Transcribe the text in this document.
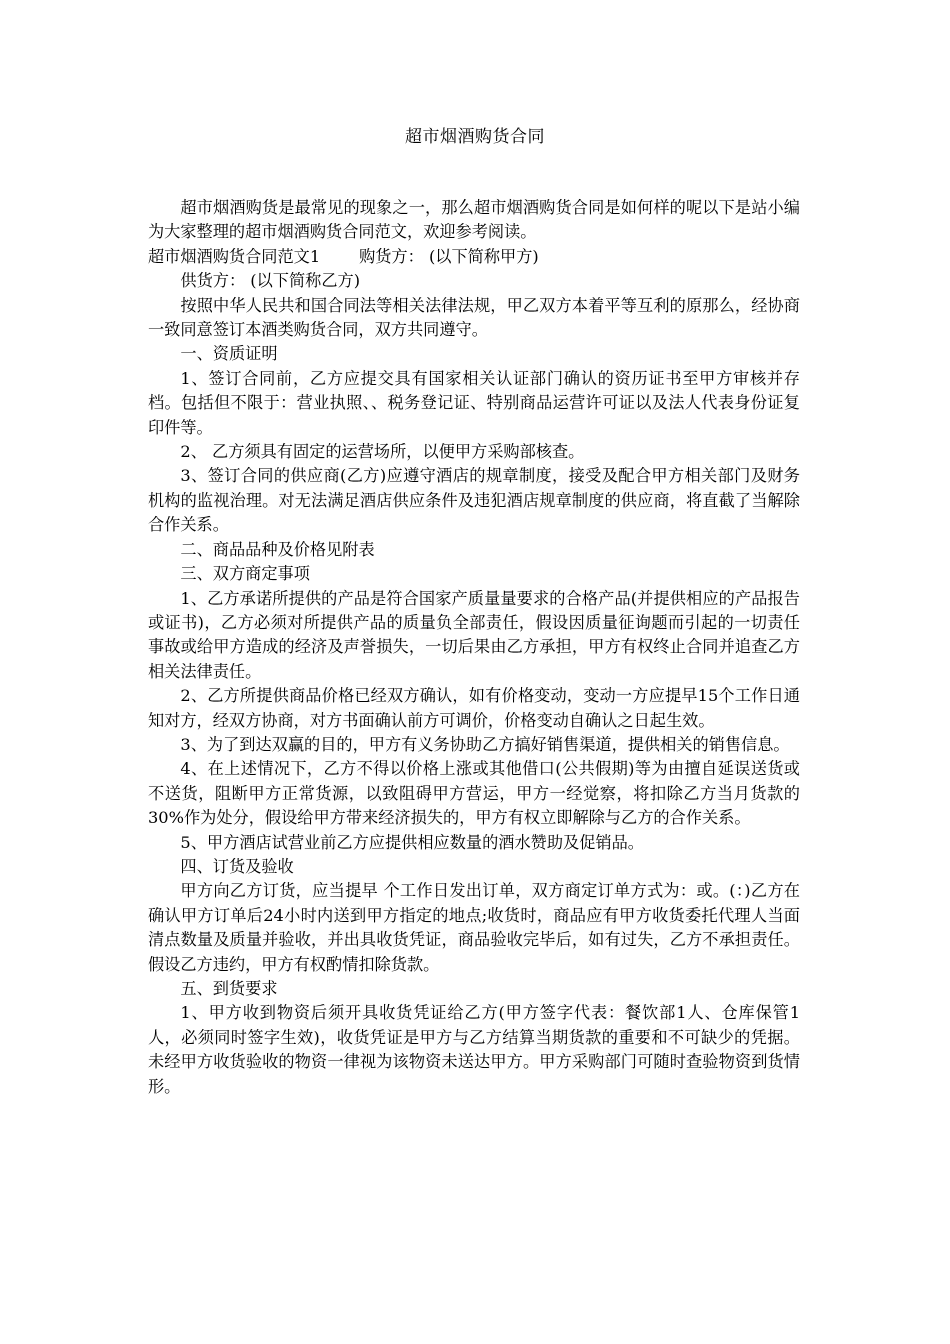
超市烟酒购货合同

超市烟酒购货是最常见的现象之一，那么超市烟酒购货合同是如何样的呢以下是站小编为大家整理的超市烟酒购货合同范文，欢迎参考阅读。

超市烟酒购货合同范文1 购货方： (以下简称甲方)

供货方： (以下简称乙方)

按照中华人民共和国合同法等相关法律法规，甲乙双方本着平等互利的原那么，经协商一致同意签订本酒类购货合同，双方共同遵守。

一、资质证明

1、签订合同前，乙方应提交具有国家相关认证部门确认的资历证书至甲方审核并存档。包括但不限于：营业执照、、税务登记证、特别商品运营许可证以及法人代表身份证复印件等。

2、 乙方须具有固定的运营场所，以便甲方采购部核查。

3、签订合同的供应商(乙方)应遵守酒店的规章制度，接受及配合甲方相关部门及财务机构的监视治理。对无法满足酒店供应条件及违犯酒店规章制度的供应商，将直截了当解除合作关系。

二、商品品种及价格见附表

三、双方商定事项

1、乙方承诺所提供的产品是符合国家产质量量要求的合格产品(并提供相应的产品报告或证书)，乙方必须对所提供产品的质量负全部责任，假设因质量征询题而引起的一切责任事故或给甲方造成的经济及声誉损失，一切后果由乙方承担，甲方有权终止合同并追查乙方相关法律责任。

2、乙方所提供商品价格已经双方确认，如有价格变动，变动一方应提早15个工作日通知对方，经双方协商，对方书面确认前方可调价，价格变动自确认之日起生效。

3、为了到达双赢的目的，甲方有义务协助乙方搞好销售渠道，提供相关的销售信息。

4、在上述情况下，乙方不得以价格上涨或其他借口(公共假期)等为由擅自延误送货或不送货，阻断甲方正常货源，以致阻碍甲方营运，甲方一经觉察，将扣除乙方当月货款的30%作为处分，假设给甲方带来经济损失的，甲方有权立即解除与乙方的合作关系。

5、甲方酒店试营业前乙方应提供相应数量的酒水赞助及促销品。

四、订货及验收

甲方向乙方订货，应当提早 个工作日发出订单，双方商定订单方式为：或。(：)乙方在确认甲方订单后24小时内送到甲方指定的地点;收货时，商品应有甲方收货委托代理人当面清点数量及质量并验收，并出具收货凭证，商品验收完毕后，如有过失，乙方不承担责任。假设乙方违约，甲方有权酌情扣除货款。

五、到货要求

1、甲方收到物资后须开具收货凭证给乙方(甲方签字代表：餐饮部1人、仓库保管1人，必须同时签字生效)，收货凭证是甲方与乙方结算当期货款的重要和不可缺少的凭据。未经甲方收货验收的物资一律视为该物资未送达甲方。甲方采购部门可随时查验物资到货情形。
